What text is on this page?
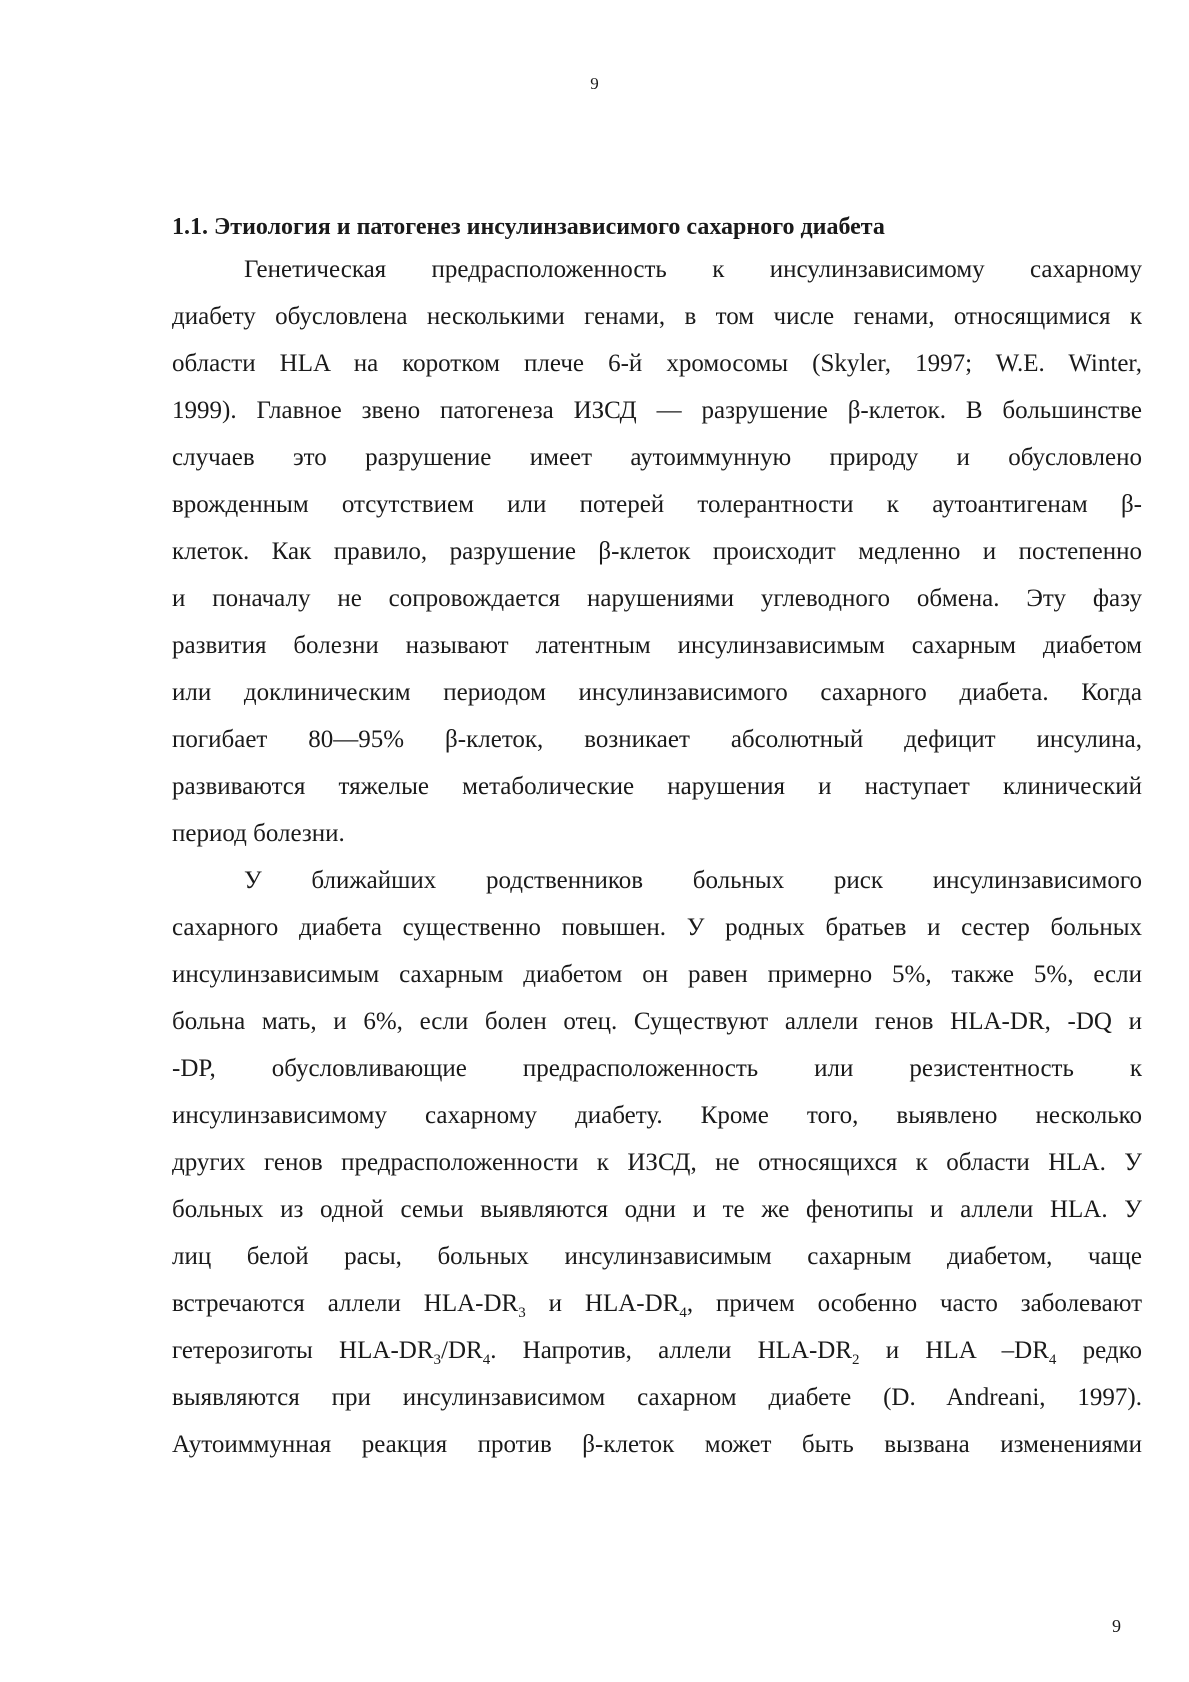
9
1.1. Этиология и патогенез инсулинзависимого сахарного диабета
Генетическая предрасположенность к инсулинзависимому сахарному
диабету обусловлена несколькими генами, в том числе генами, относящимися к
области HLA на коротком плече 6-й хромосомы (Skyler, 1997; W.E. Winter,
1999). Главное звено патогенеза ИЗСД — разрушение β-клеток. В большинстве
случаев это разрушение имеет аутоиммунную природу и обусловлено
врожденным отсутствием или потерей толерантности к аутоантигенам β-
клеток. Как правило, разрушение β-клеток происходит медленно и постепенно
и поначалу не сопровождается нарушениями углеводного обмена. Эту фазу
развития болезни называют латентным инсулинзависимым сахарным диабетом
или доклиническим периодом инсулинзависимого сахарного диабета. Когда
погибает 80—95% β-клеток, возникает абсолютный дефицит инсулина,
развиваются тяжелые метаболические нарушения и наступает клинический
период болезни.
У ближайших родственников больных риск инсулинзависимого
сахарного диабета существенно повышен. У родных братьев и сестер больных
инсулинзависимым сахарным диабетом он равен примерно 5%, также 5%, если
больна мать, и 6%, если болен отец. Существуют аллели генов HLA-DR, -DQ и
-DP, обусловливающие предрасположенность или резистентность к
инсулинзависимому сахарному диабету. Кроме того, выявлено несколько
других генов предрасположенности к ИЗСД, не относящихся к области HLA. У
больных из одной семьи выявляются одни и те же фенотипы и аллели HLA. У
лиц белой расы, больных инсулинзависимым сахарным диабетом, чаще
встречаются аллели HLA-$DR_3$ и HLA-$DR_4$, причем особенно часто заболевают
гетерозиготы HLA-$DR_3/DR_4$. Напротив, аллели HLA-$DR_2$ и HLA $-DR_4$ редко
выявляются при инсулинзависимом сахарном диабете (D. Andreani, 1997).
Аутоиммунная реакция против β-клеток может быть вызвана изменениями
9
